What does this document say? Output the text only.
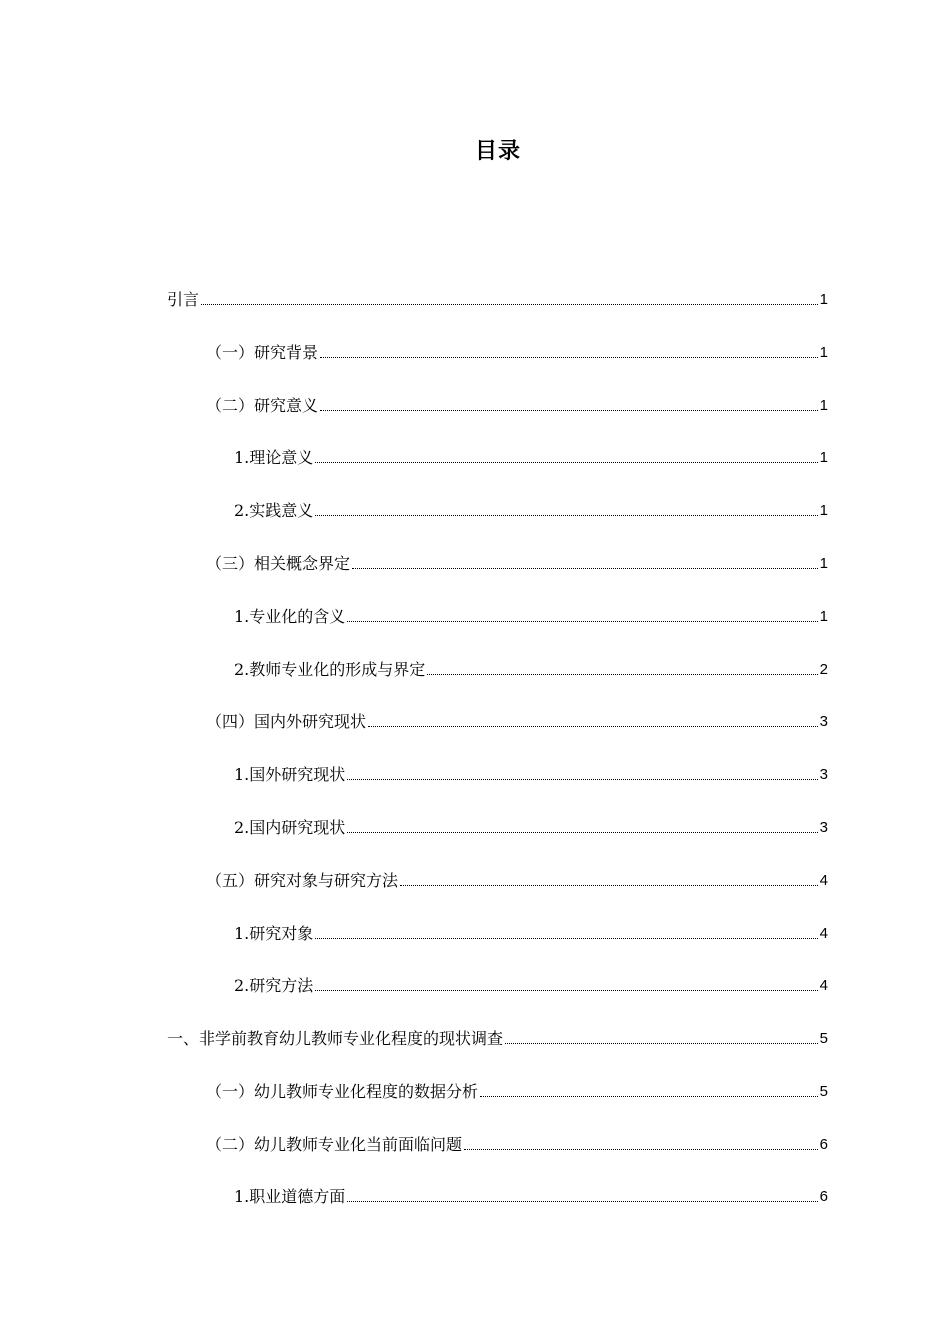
目录
引言	1
（一）研究背景	1
（二）研究意义	1
1.理论意义	1
2.实践意义	1
（三）相关概念界定	1
1.专业化的含义	1
2.教师专业化的形成与界定	2
（四）国内外研究现状	3
1.国外研究现状	3
2.国内研究现状	3
（五）研究对象与研究方法	4
1.研究对象	4
2.研究方法	4
一、非学前教育幼儿教师专业化程度的现状调查	5
（一）幼儿教师专业化程度的数据分析	5
（二）幼儿教师专业化当前面临问题	6
1.职业道德方面	6
